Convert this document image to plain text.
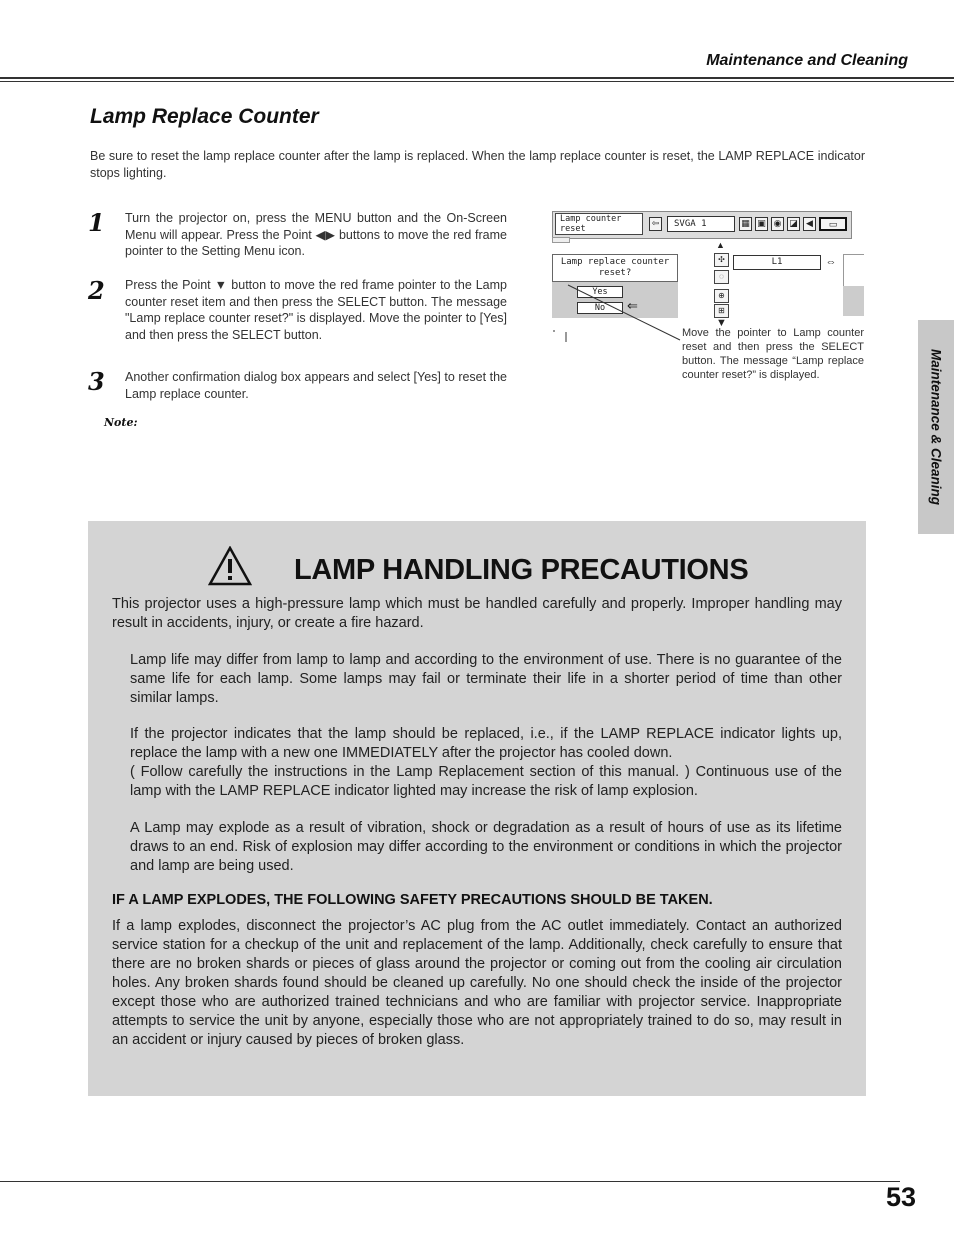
Maintenance and Cleaning
Lamp Replace Counter
Be sure to reset the lamp replace counter after the lamp is replaced. When the lamp replace counter is reset, the LAMP REPLACE indicator stops lighting.
1 Turn the projector on, press the MENU button and the On-Screen Menu will appear. Press the Point ◀▶ buttons to move the red frame pointer to the Setting Menu icon.
2 Press the Point ▼ button to move the red frame pointer to the Lamp counter reset item and then press the SELECT button. The message "Lamp replace counter reset?" is displayed. Move the pointer to [Yes] and then press the SELECT button.
3 Another confirmation dialog box appears and select [Yes] to reset the Lamp replace counter.
Note:
Lamp counter reset	⇦	SVGA 1	▦ ▣ ◉ ◪ ◀	▭
Lamp replace counter reset?
Yes
No	⇐
▲
✣
◌
⊕
⊞
▼
L1	⇔
Move the pointer to Lamp counter reset and then press the SELECT button. The message “Lamp replace counter reset?” is displayed.	Maintenance & Cleaning
LAMP HANDLING PRECAUTIONS
This projector uses a high-pressure lamp which must be handled carefully and properly. Improper handling may result in accidents, injury, or create a fire hazard.
Lamp life may differ from lamp to lamp and according to the environment of use. There is no guarantee of the same life for each lamp. Some lamps may fail or terminate their life in a shorter period of time than other similar lamps.
If the projector indicates that the lamp should be replaced, i.e., if the LAMP REPLACE indicator lights up, replace the lamp with a new one IMMEDIATELY after the projector has cooled down.
( Follow carefully the instructions in the Lamp Replacement section of this manual. ) Continuous use of the lamp with the LAMP REPLACE indicator lighted may increase the risk of lamp explosion.
A Lamp may explode as a result of vibration, shock or degradation as a result of hours of use as its lifetime draws to an end. Risk of explosion may differ according to the environment or conditions in which the projector and lamp are being used.
IF A LAMP EXPLODES, THE FOLLOWING SAFETY PRECAUTIONS SHOULD BE TAKEN.
If a lamp explodes, disconnect the projector’s AC plug from the AC outlet immediately. Contact an authorized service station for a checkup of the unit and replacement of the lamp. Additionally, check carefully to ensure that there are no broken shards or pieces of glass around the projector or coming out from the cooling air circulation holes. Any broken shards found should be cleaned up carefully. No one should check the inside of the projector except those who are authorized trained technicians and who are familiar with projector service. Inappropriate attempts to service the unit by anyone, especially those who are not appropriately trained to do so, may result in an accident or injury caused by pieces of broken glass.
53
